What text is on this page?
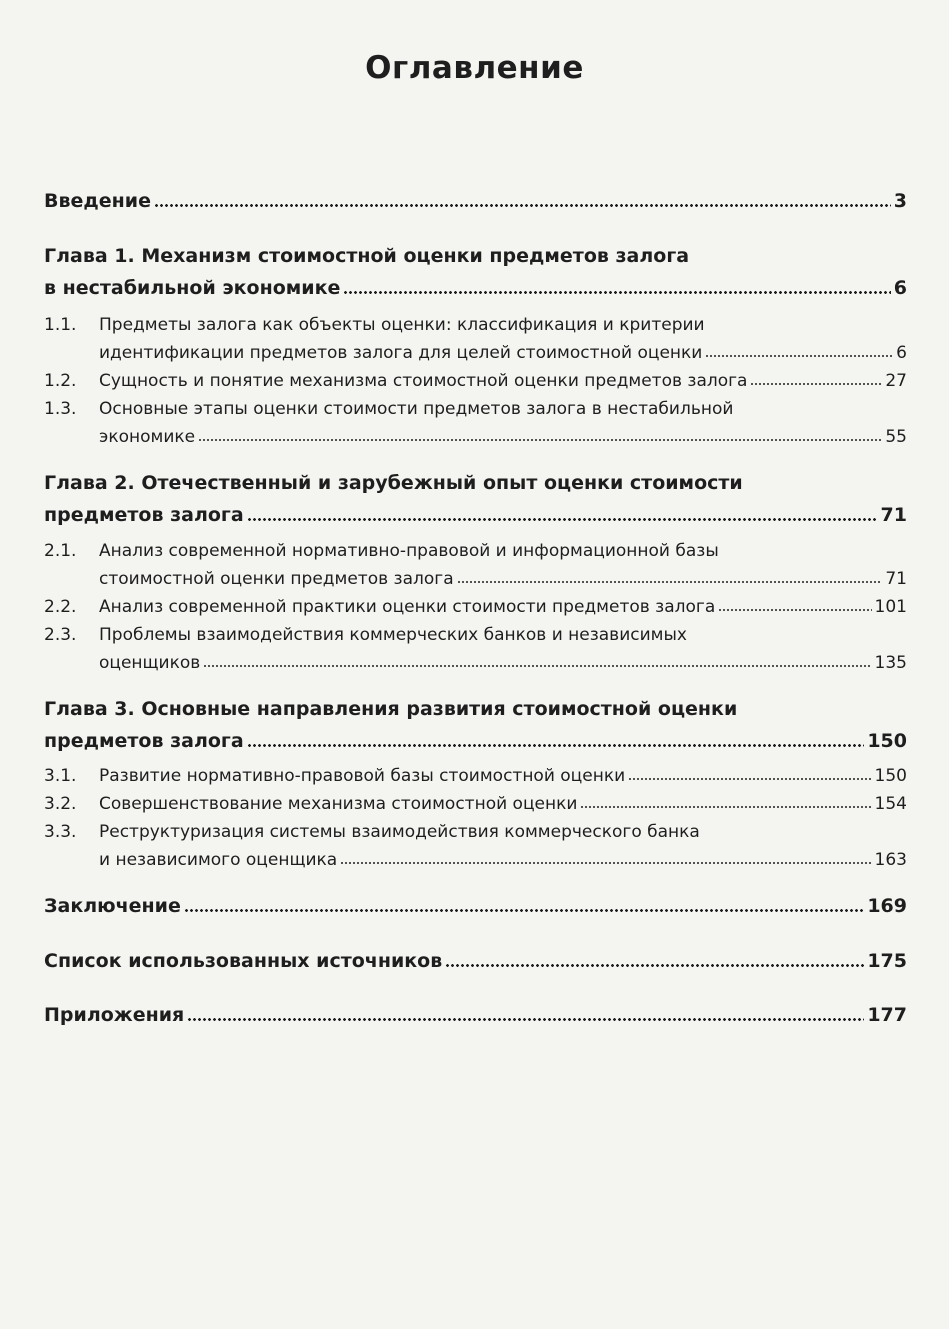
Оглавление
Введение	3
Глава 1. Механизм стоимостной оценки предметов залога
в нестабильной экономике	6
1.1.	Предметы залога как объекты оценки: классификация и критерии
идентификации предметов залога для целей стоимостной оценки	6
1.2.	Сущность и понятие механизма стоимостной оценки предметов залога	27
1.3.	Основные этапы оценки стоимости предметов залога в нестабильной
экономике	55
Глава 2. Отечественный и зарубежный опыт оценки стоимости
предметов залога	71
2.1.	Анализ современной нормативно-правовой и информационной базы
стоимостной оценки предметов залога	71
2.2.	Анализ современной практики оценки стоимости предметов залога	101
2.3.	Проблемы взаимодействия коммерческих банков и независимых
оценщиков	135
Глава 3. Основные направления развития стоимостной оценки
предметов залога	150
3.1.	Развитие нормативно-правовой базы стоимостной оценки	150
3.2.	Совершенствование механизма стоимостной оценки	154
3.3.	Реструктуризация системы взаимодействия коммерческого банка
и независимого оценщика	163
Заключение	169
Список использованных источников	175
Приложения	177
